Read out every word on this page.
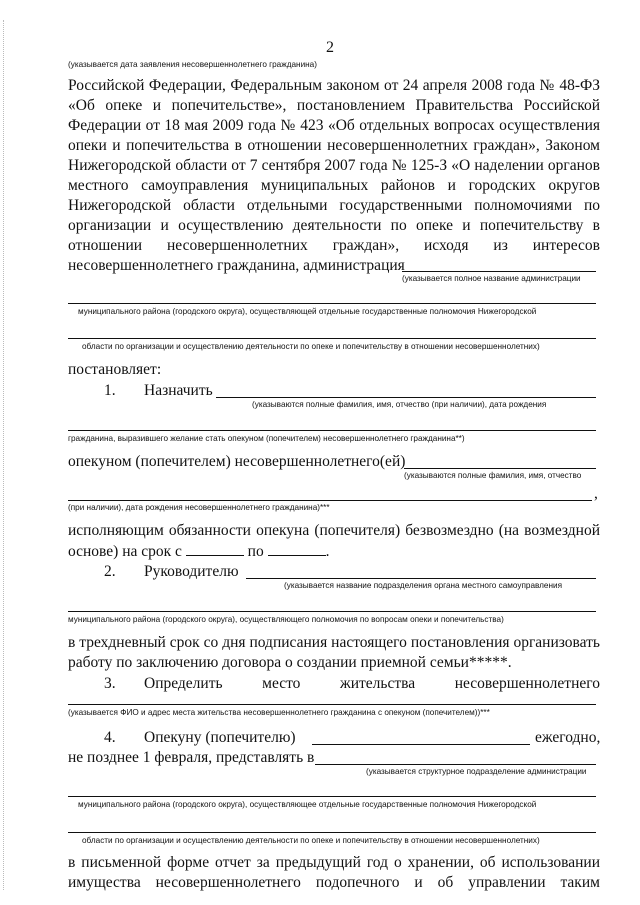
2
(указывается дата заявления несовершеннолетнего гражданина)
Российской Федерации, Федеральным законом от 24 апреля 2008 года № 48-ФЗ
«Об опеке и попечительстве», постановлением Правительства Российской
Федерации от 18 мая 2009 года № 423 «Об отдельных вопросах осуществления
опеки и попечительства в отношении несовершеннолетних граждан», Законом
Нижегородской области от 7 сентября 2007 года № 125-З «О наделении органов
местного самоуправления муниципальных районов и городских округов
Нижегородской области отдельными государственными полномочиями по
организации и осуществлению деятельности по опеке и попечительству в
отношении несовершеннолетних граждан», исходя из интересов
несовершеннолетнего гражданина, администрация
(указывается полное название администрации
муниципального района (городского округа), осуществляющей отдельные государственные полномочия Нижегородской
области по организации и осуществлению деятельности по опеке и попечительству в отношении несовершеннолетних)
постановляет:
1. Назначить
(указываются полные фамилия, имя, отчество (при наличии), дата рождения
гражданина, выразившего желание стать опекуном (попечителем) несовершеннолетнего гражданина**)
опекуном (попечителем) несовершеннолетнего(ей)
(указываются полные фамилия, имя, отчество
,
(при наличии), дата рождения несовершеннолетнего гражданина)***
исполняющим обязанности опекуна (попечителя) безвозмездно (на возмездной
основе) на срок с	по	.
2. Руководителю
(указывается название подразделения органа местного самоуправления
муниципального района (городского округа), осуществляющего полномочия по вопросам опеки и попечительства)
в трехдневный срок со дня подписания настоящего постановления организовать
работу по заключению договора о создании приемной семьи*****.
3. Определить	место	жительства	несовершеннолетнего
(указывается ФИО и адрес места жительства несовершеннолетнего гражданина с опекуном (попечителем))***
4. Опекуну (попечителю)	ежегодно,
не позднее 1 февраля, представлять в
(указывается структурное подразделение администрации
муниципального района (городского округа), осуществляющее отдельные государственные полномочия Нижегородской
области по организации и осуществлению деятельности по опеке и попечительству в отношении несовершеннолетних)
в письменной форме отчет за предыдущий год о хранении, об использовании
имущества несовершеннолетнего подопечного и об управлении таким
